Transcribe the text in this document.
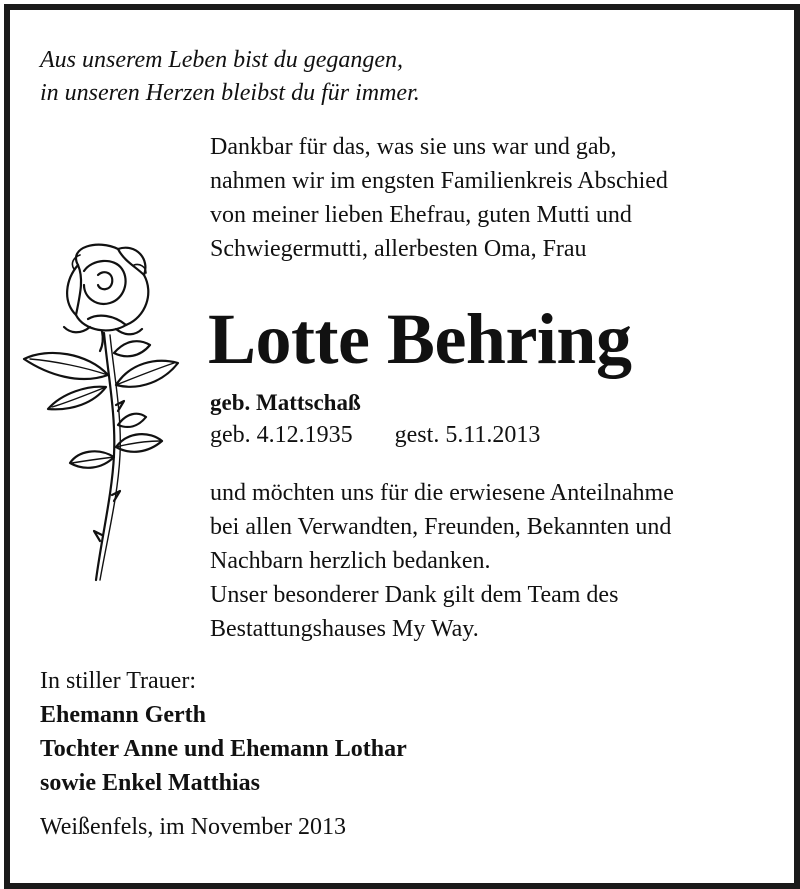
Aus unserem Leben bist du gegangen,
in unseren Herzen bleibst du für immer.
Dankbar für das, was sie uns war und gab,
nahmen wir im engsten Familienkreis Abschied
von meiner lieben Ehefrau, guten Mutti und
Schwiegermutti, allerbesten Oma, Frau
Lotte Behring
geb. Mattschaß
geb. 4.12.1935 gest. 5.11.2013
und möchten uns für die erwiesene Anteilnahme
bei allen Verwandten, Freunden, Bekannten und
Nachbarn herzlich bedanken.
Unser besonderer Dank gilt dem Team des
Bestattungshauses My Way.
In stiller Trauer:
Ehemann Gerth
Tochter Anne und Ehemann Lothar
sowie Enkel Matthias
Weißenfels, im November 2013
